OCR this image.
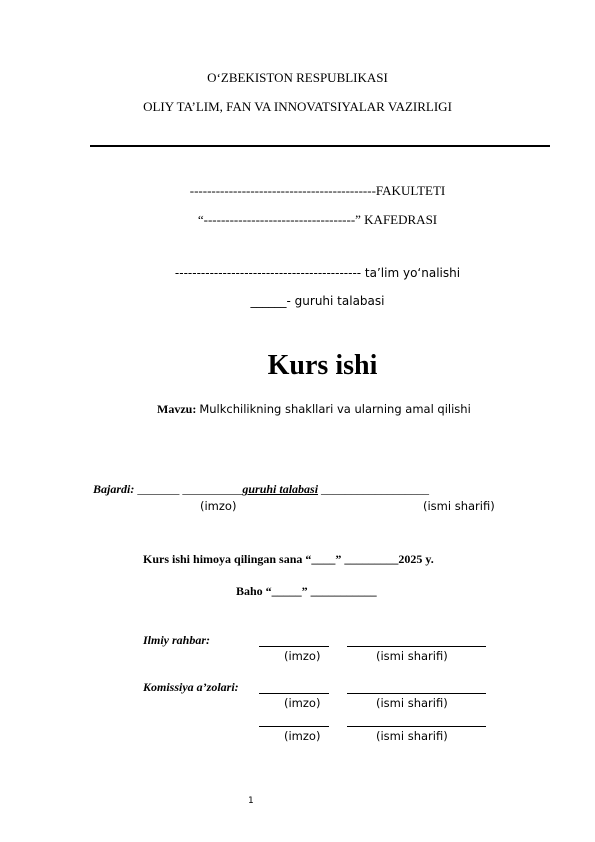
O‘ZBEKISTON RESPUBLIKASI
OLIY TA’LIM, FAN VA INNOVATSIYALAR VAZIRLIGI
-------------------------------------------FAKULTETI
“-----------------------------------” KAFEDRASI
------------------------------------------- ta’lim yo‘nalishi
______- guruhi talabasi
Kurs ishi
Mavzu: Mulkchilikning shakllari va ularning amal qilishi
Bajardi: _______ __________guruhi talabasi __________________
(imzo)	(ismi sharifi)
Kurs ishi himoya qilingan sana “____” _________2025 y.
Baho “_____” ___________
Ilmiy rahbar:
(imzo)	(ismi sharifi)
Komissiya a’zolari:
(imzo)	(ismi sharifi)
(imzo)	(ismi sharifi)
1
